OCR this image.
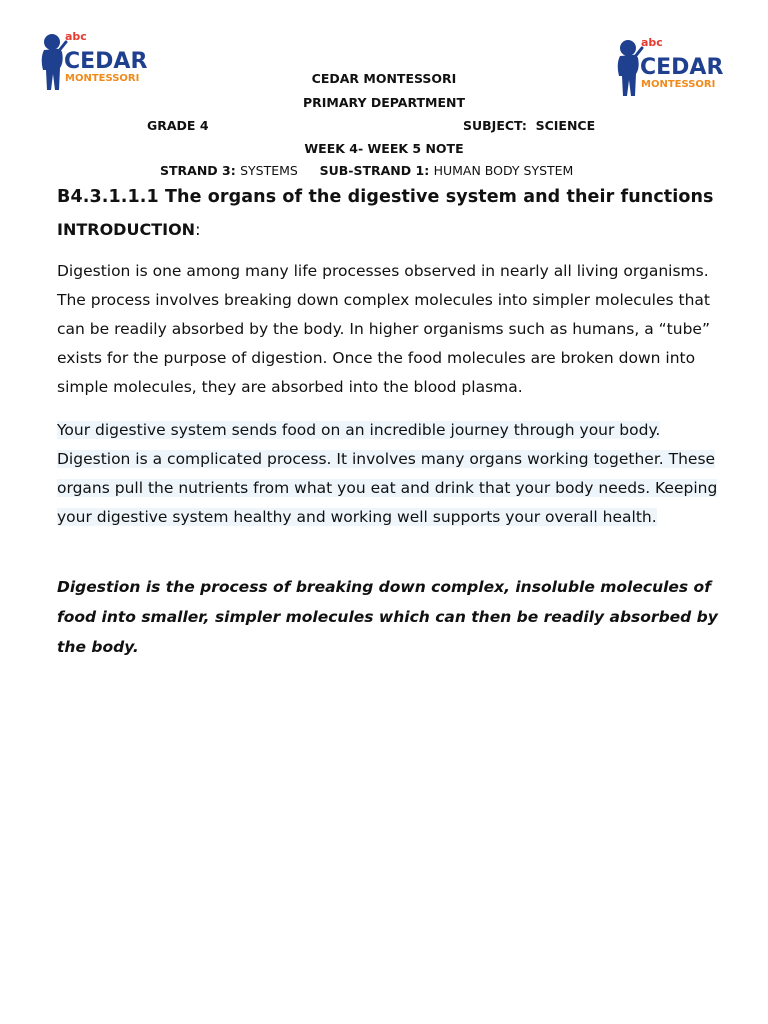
abc
CEDAR
MONTESSORI
abc
CEDAR
MONTESSORI
CEDAR MONTESSORI
PRIMARY DEPARTMENT
GRADE 4	SUBJECT: SCIENCE
WEEK 4- WEEK 5 NOTE
STRAND 3: SYSTEMS SUB-STRAND 1: HUMAN BODY SYSTEM
B4.3.1.1.1 The organs of the digestive system and their functions
INTRODUCTION:

Digestion is one among many life processes observed in nearly all living organisms. The process involves breaking down complex molecules into simpler molecules that can be readily absorbed by the body. In higher organisms such as humans, a “tube” exists for the purpose of digestion. Once the food molecules are broken down into simple molecules, they are absorbed into the blood plasma.

Your digestive system sends food on an incredible journey through your body. Digestion is a complicated process. It involves many organs working together. These organs pull the nutrients from what you eat and drink that your body needs. Keeping your digestive system healthy and working well supports your overall health.

Digestion is the process of breaking down complex, insoluble molecules of food into smaller, simpler molecules which can then be readily absorbed by the body.
